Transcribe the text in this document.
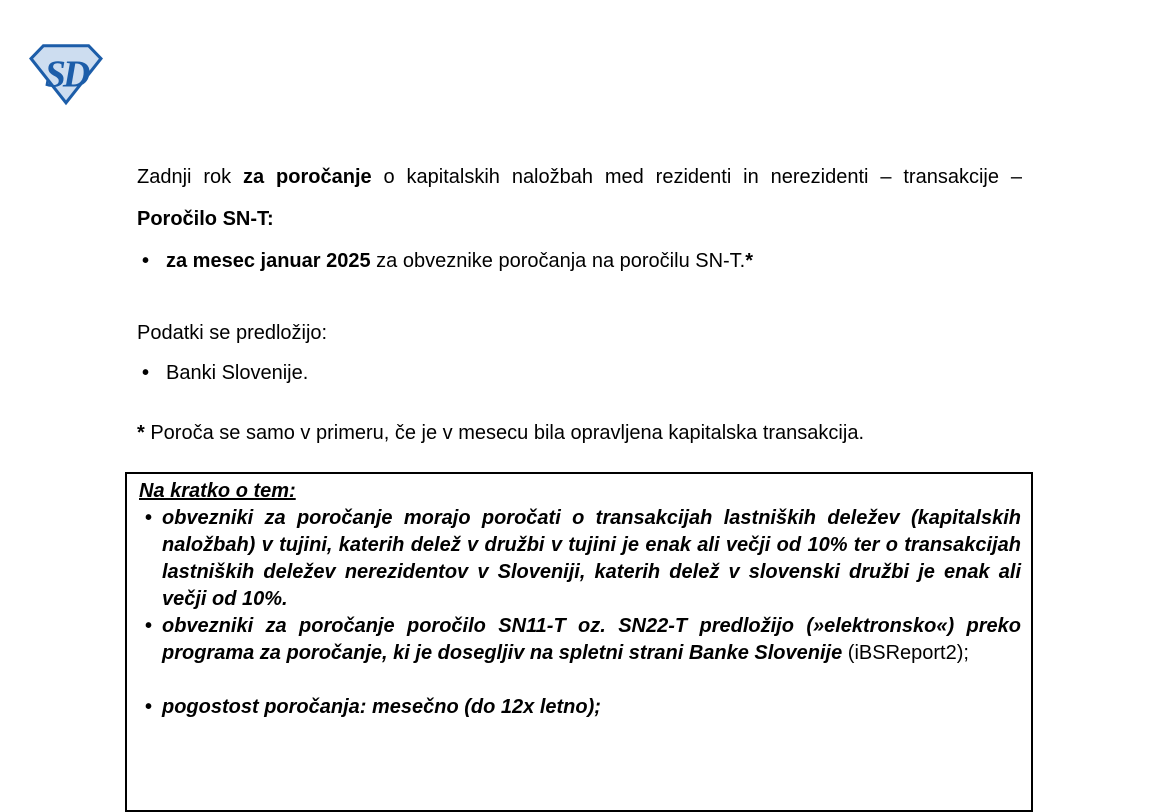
SD

Zadnji rok za poročanje o kapitalskih naložbah med rezidenti in nerezidenti – transakcije – Poročilo SN-T:

• za mesec januar 2025 za obveznike poročanja na poročilu SN-T.*

Podatki se predložijo:

• Banki Slovenije.

* Poroča se samo v primeru, če je v mesecu bila opravljena kapitalska transakcija.

Na kratko o tem:

• obvezniki za poročanje morajo poročati o transakcijah lastniških deležev (kapitalskih naložbah) v tujini, katerih delež v družbi v tujini je enak ali večji od 10% ter o transakcijah lastniških deležev nerezidentov v Sloveniji, katerih delež v slovenski družbi je enak ali večji od 10%.
• obvezniki za poročanje poročilo SN11-T oz. SN22-T predložijo (»elektronsko«) preko programa za poročanje, ki je dosegljiv na spletni strani Banke Slovenije (iBSReport2);
• pogostost poročanja: mesečno (do 12x letno);
